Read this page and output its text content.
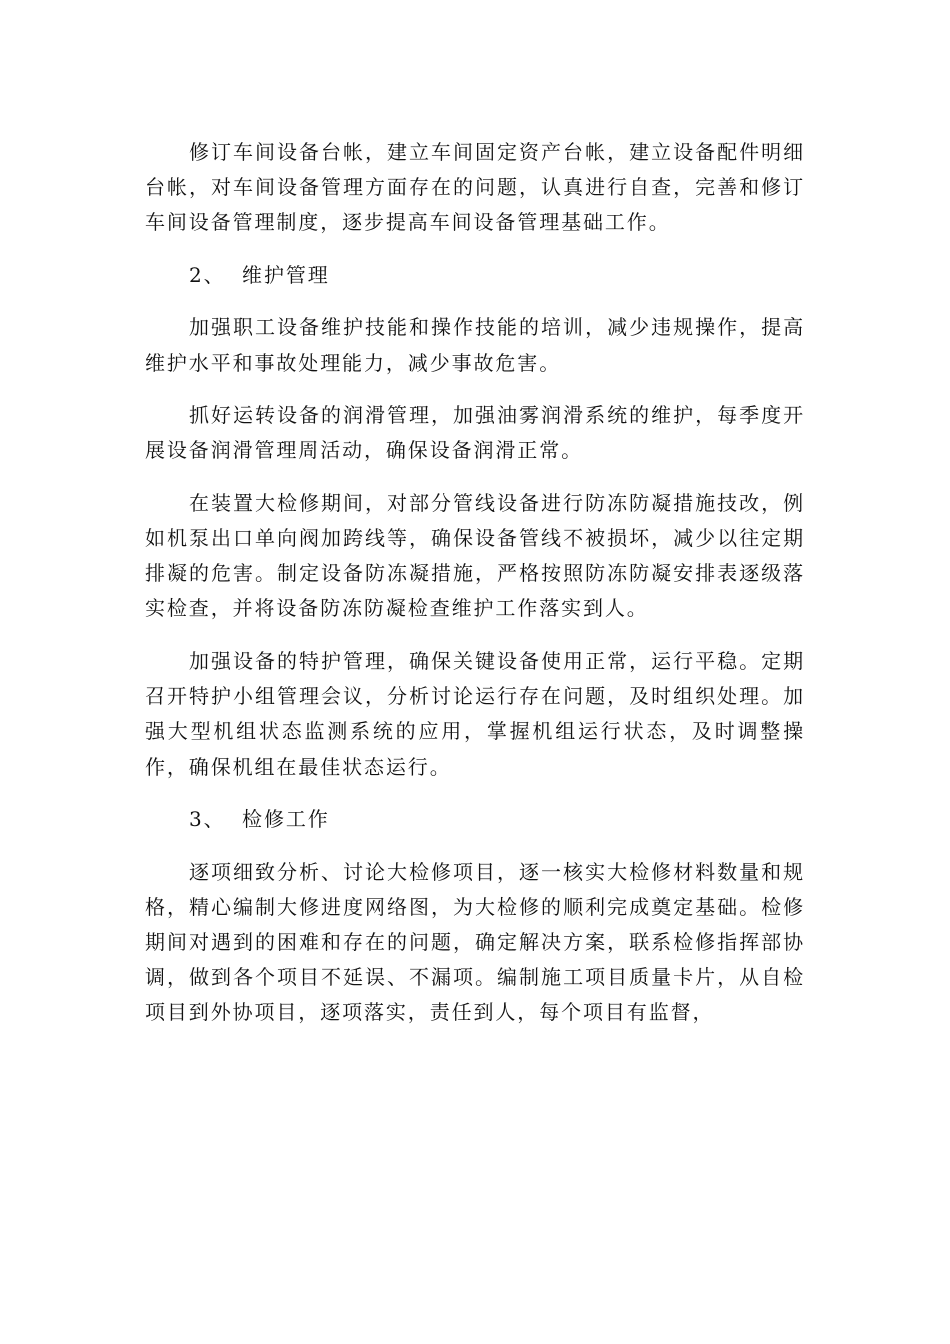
修订车间设备台帐，建立车间固定资产台帐，建立设备配件明细台帐，对车间设备管理方面存在的问题，认真进行自查，完善和修订车间设备管理制度，逐步提高车间设备管理基础工作。

2、  维护管理

加强职工设备维护技能和操作技能的培训，减少违规操作，提高维护水平和事故处理能力，减少事故危害。

抓好运转设备的润滑管理，加强油雾润滑系统的维护，每季度开展设备润滑管理周活动，确保设备润滑正常。

在装置大检修期间，对部分管线设备进行防冻防凝措施技改，例如机泵出口单向阀加跨线等，确保设备管线不被损坏，减少以往定期排凝的危害。制定设备防冻凝措施，严格按照防冻防凝安排表逐级落实检查，并将设备防冻防凝检查维护工作落实到人。

加强设备的特护管理，确保关键设备使用正常，运行平稳。定期召开特护小组管理会议，分析讨论运行存在问题，及时组织处理。加强大型机组状态监测系统的应用，掌握机组运行状态，及时调整操作，确保机组在最佳状态运行。

3、  检修工作

逐项细致分析、讨论大检修项目，逐一核实大检修材料数量和规格，精心编制大修进度网络图，为大检修的顺利完成奠定基础。检修期间对遇到的困难和存在的问题，确定解决方案，联系检修指挥部协调，做到各个项目不延误、不漏项。编制施工项目质量卡片，从自检项目到外协项目，逐项落实，责任到人，每个项目有监督，
